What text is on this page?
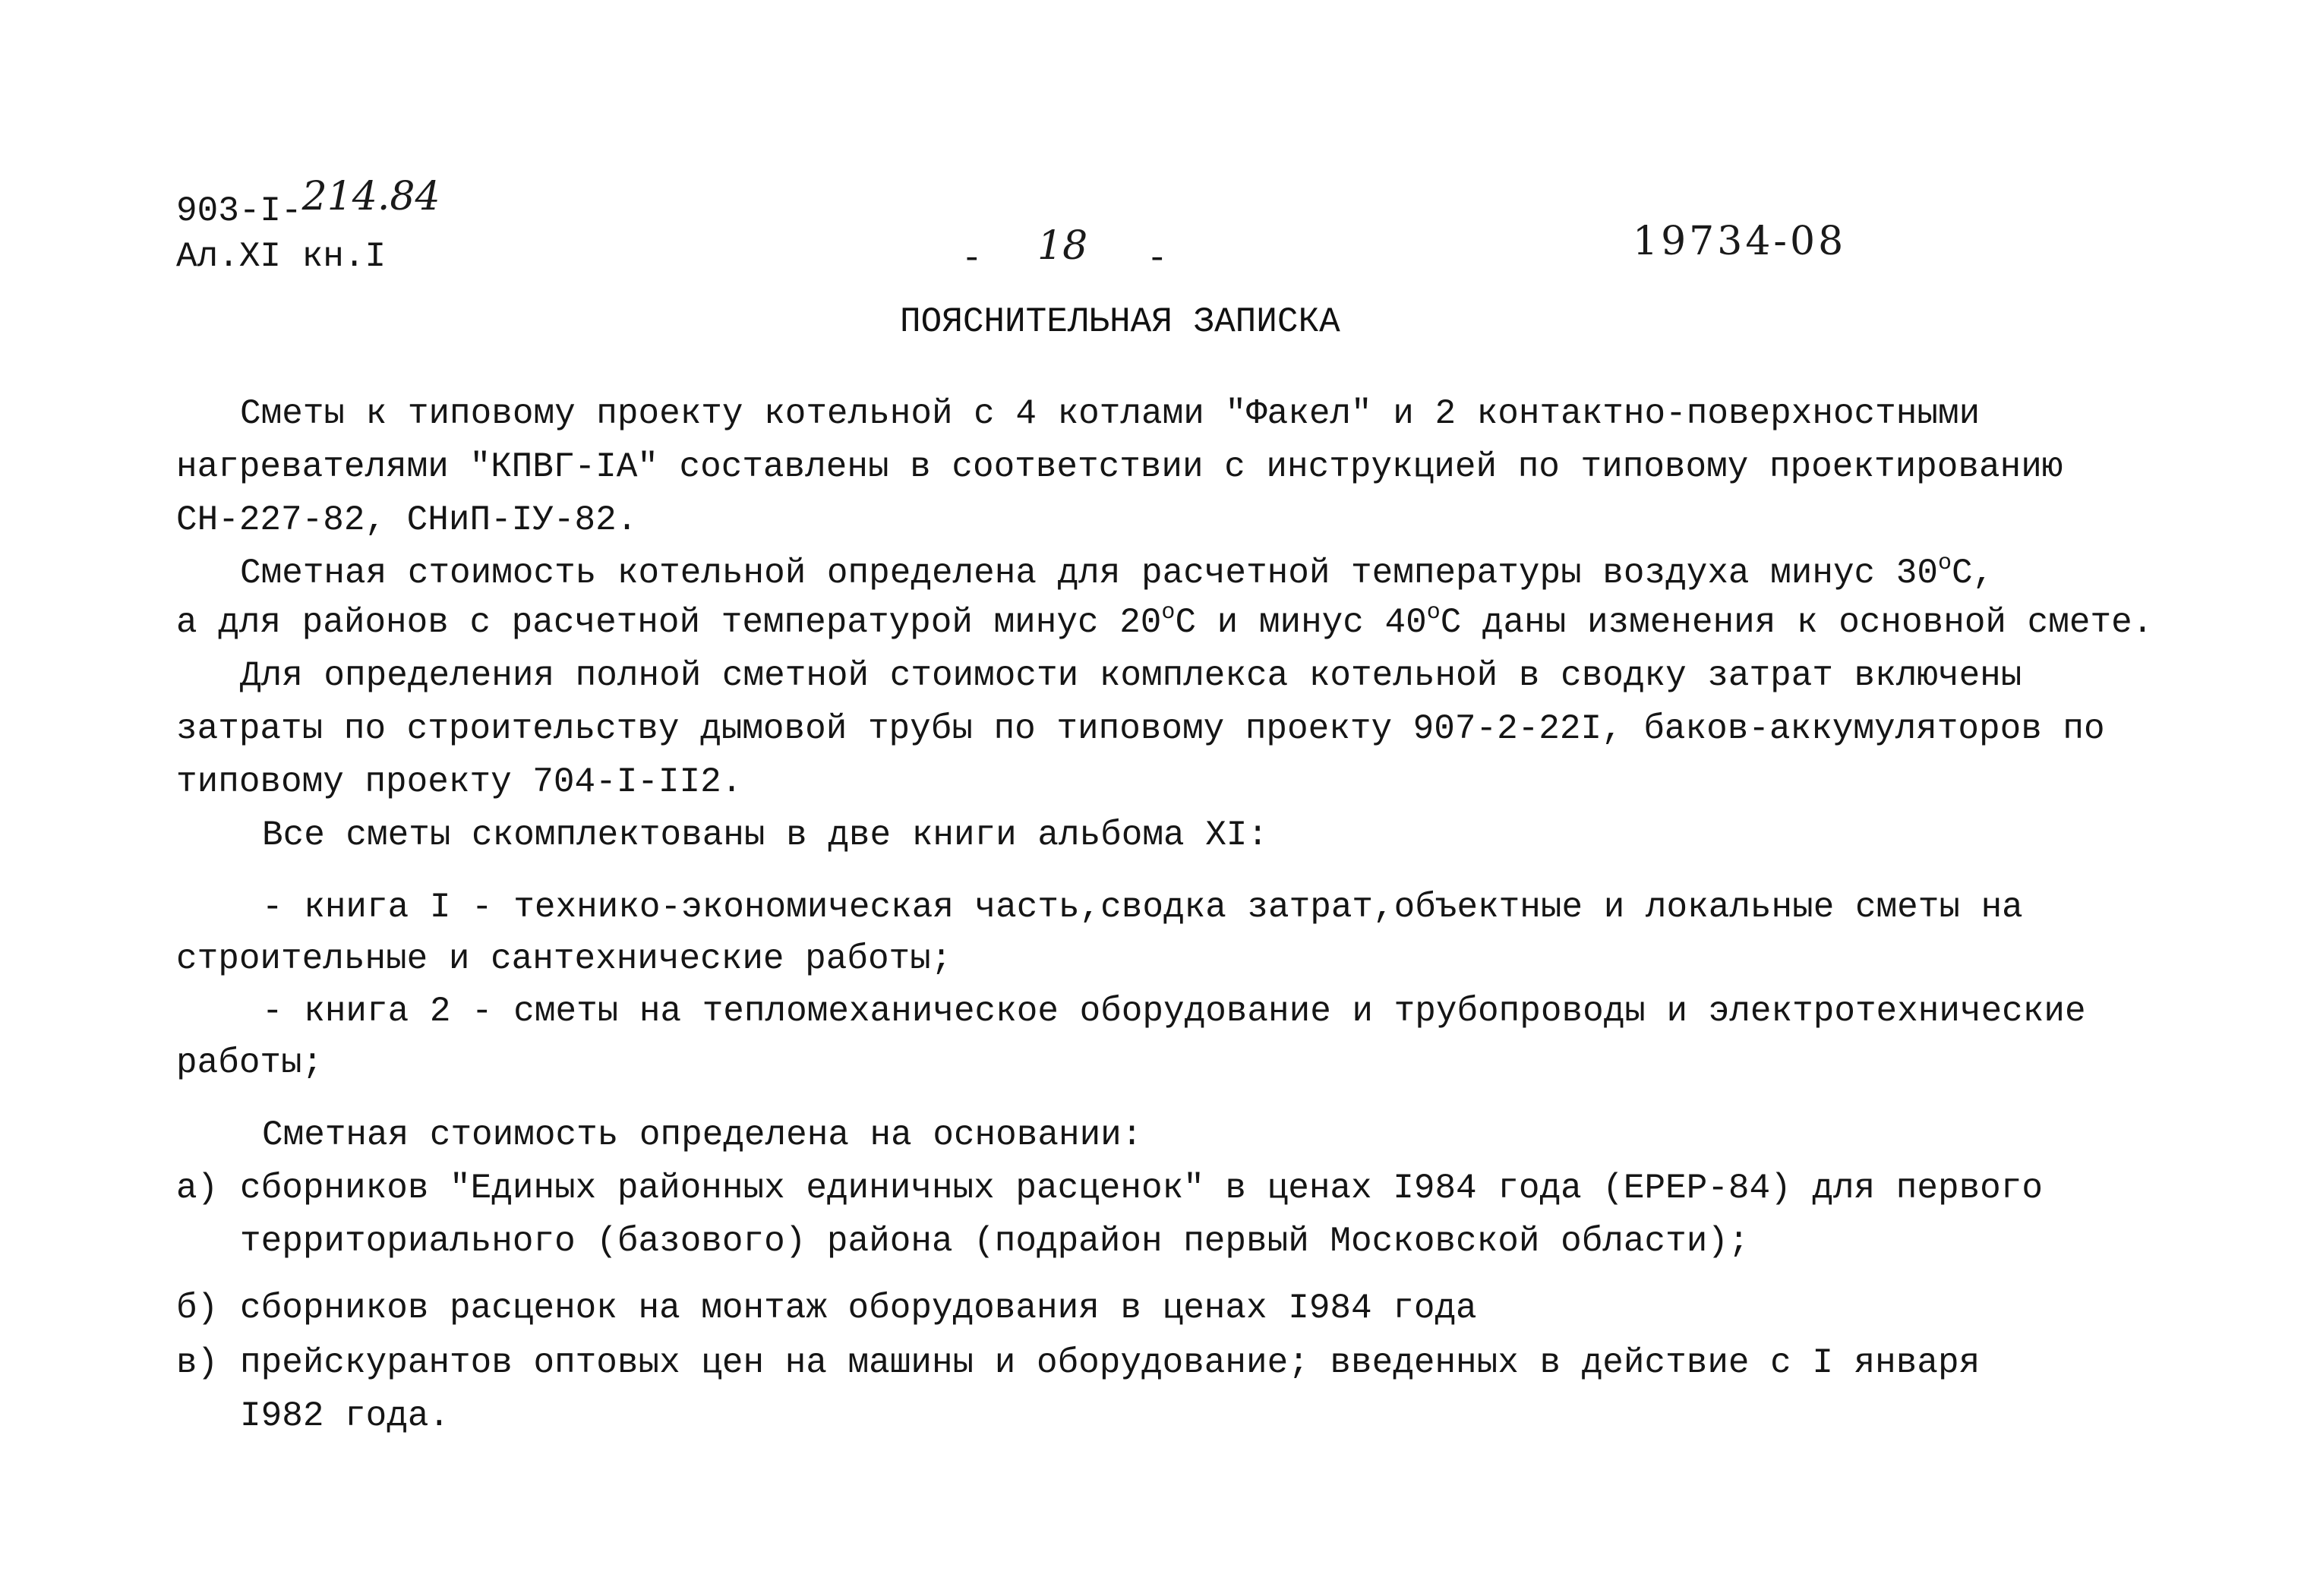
903-I-214.84
Ал.XI кн.I	- 18 -	19734-08
ПОЯСНИТЕЛЬНАЯ ЗАПИСКА
Сметы к типовому проекту котельной с 4 котлами "Факел" и 2 контактно-поверхностными
нагревателями "КПВГ-IA" составлены в соответствии с инструкцией по типовому проектированию
СН-227-82, СНиП-IУ-82.
Сметная стоимость котельной определена для расчетной температуры воздуха минус $30^оС$,
а для районов с расчетной температурой минус $20^оС$ и минус $40^оС$ даны изменения к основной смете.
Для определения полной сметной стоимости комплекса котельной в сводку затрат включены
затраты по строительству дымовой трубы по типовому проекту 907-2-22I, баков-аккумуляторов по
типовому проекту 704-I-II2.
Все сметы скомплектованы в две книги альбома XI:
- книга I - технико-экономическая часть,сводка затрат,объектные и локальные сметы на
строительные и сантехнические работы;
- книга 2 - сметы на тепломеханическое оборудование и трубопроводы и электротехнические
работы;
Сметная стоимость определена на основании:
а) сборников "Единых районных единичных расценок" в ценах I984 года (ЕРЕР-84) для первого
территориального (базового) района (подрайон первый Московской области);
б) сборников расценок на монтаж оборудования в ценах I984 года
в) прейскурантов оптовых цен на машины и оборудование; введенных в действие с I января
I982 года.
